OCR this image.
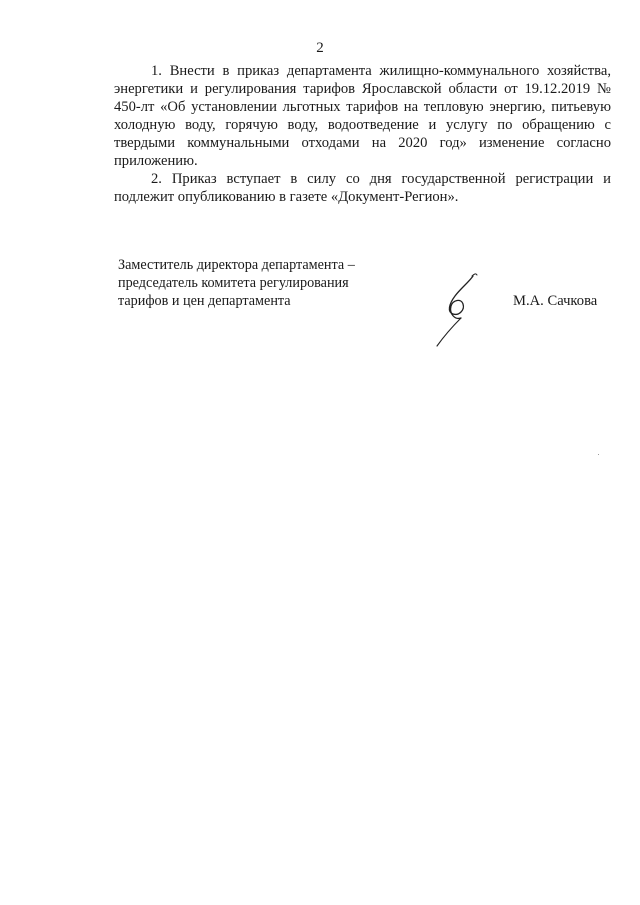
2

1. Внести в приказ департамента жилищно-коммунального хозяйства, энергетики и регулирования тарифов Ярославской области от 19.12.2019 № 450-лт «Об установлении льготных тарифов на тепловую энергию, питьевую холодную воду, горячую воду, водоотведение и услугу по обращению с твердыми коммунальными отходами на 2020 год» изменение согласно приложению.

2. Приказ вступает в силу со дня государственной регистрации и подлежит опубликованию в газете «Документ-Регион».

Заместитель директора департамента –
председатель комитета регулирования
тарифов и цен департамента	М.А. Сачкова
